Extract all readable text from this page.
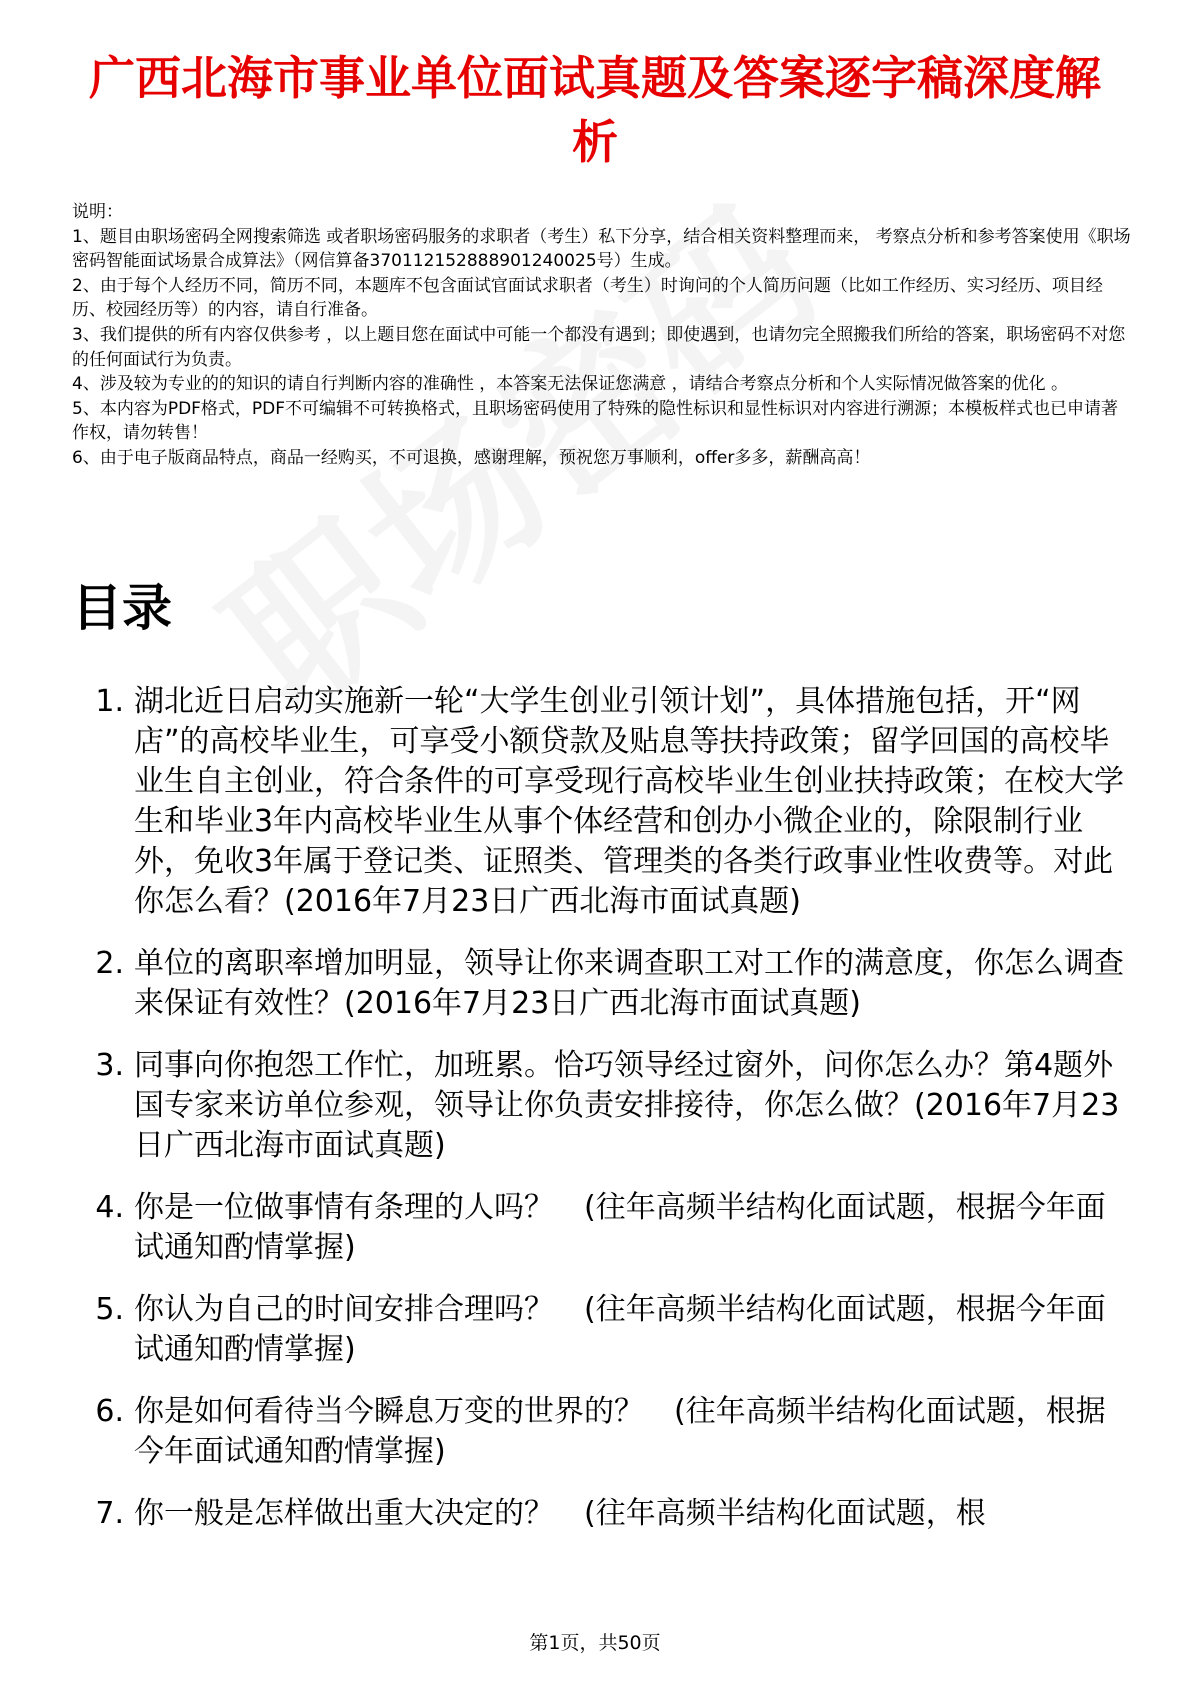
广西北海市事业单位面试真题及答案逐字稿深度解析

说明：

1、题目由职场密码全网搜索筛选 或者职场密码服务的求职者（考生）私下分享，结合相关资料整理而来， 考察点分析和参考答案使用《职场密码智能面试场景合成算法》（网信算备370112152888901240025号）生成。

2、由于每个人经历不同，简历不同，本题库不包含面试官面试求职者（考生）时询问的个人简历问题（比如工作经历、实习经历、项目经历、校园经历等）的内容，请自行准备。

3、我们提供的所有内容仅供参考 ，以上题目您在面试中可能一个都没有遇到；即使遇到，也请勿完全照搬我们所给的答案，职场密码不对您的任何面试行为负责。

4、涉及较为专业的的知识的请自行判断内容的准确性 ，本答案无法保证您满意 ，请结合考察点分析和个人实际情况做答案的优化 。

5、本内容为PDF格式，PDF不可编辑不可转换格式，且职场密码使用了特殊的隐性标识和显性标识对内容进行溯源；本模板样式也已申请著作权，请勿转售！

6、由于电子版商品特点，商品一经购买，不可退换，感谢理解，预祝您万事顺利，offer多多，薪酬高高！

目录
1. 湖北近日启动实施新一轮“大学生创业引领计划”，具体措施包括，开“网店”的高校毕业生，可享受小额贷款及贴息等扶持政策；留学回国的高校毕业生自主创业，符合条件的可享受现行高校毕业生创业扶持政策；在校大学生和毕业3年内高校毕业生从事个体经营和创办小微企业的，除限制行业外，免收3年属于登记类、证照类、管理类的各类行政事业性收费等。对此你怎么看？(2016年7月23日广西北海市面试真题)
2. 单位的离职率增加明显，领导让你来调查职工对工作的满意度，你怎么调查来保证有效性？(2016年7月23日广西北海市面试真题)
3. 同事向你抱怨工作忙，加班累。恰巧领导经过窗外，问你怎么办？第4题外国专家来访单位参观，领导让你负责安排接待，你怎么做？(2016年7月23日广西北海市面试真题)
4. 你是一位做事情有条理的人吗？　(往年高频半结构化面试题，根据今年面试通知酌情掌握)
5. 你认为自己的时间安排合理吗？　(往年高频半结构化面试题，根据今年面试通知酌情掌握)
6. 你是如何看待当今瞬息万变的世界的？　(往年高频半结构化面试题，根据今年面试通知酌情掌握)
7. 你一般是怎样做出重大决定的？　(往年高频半结构化面试题，根
第1页，共50页
